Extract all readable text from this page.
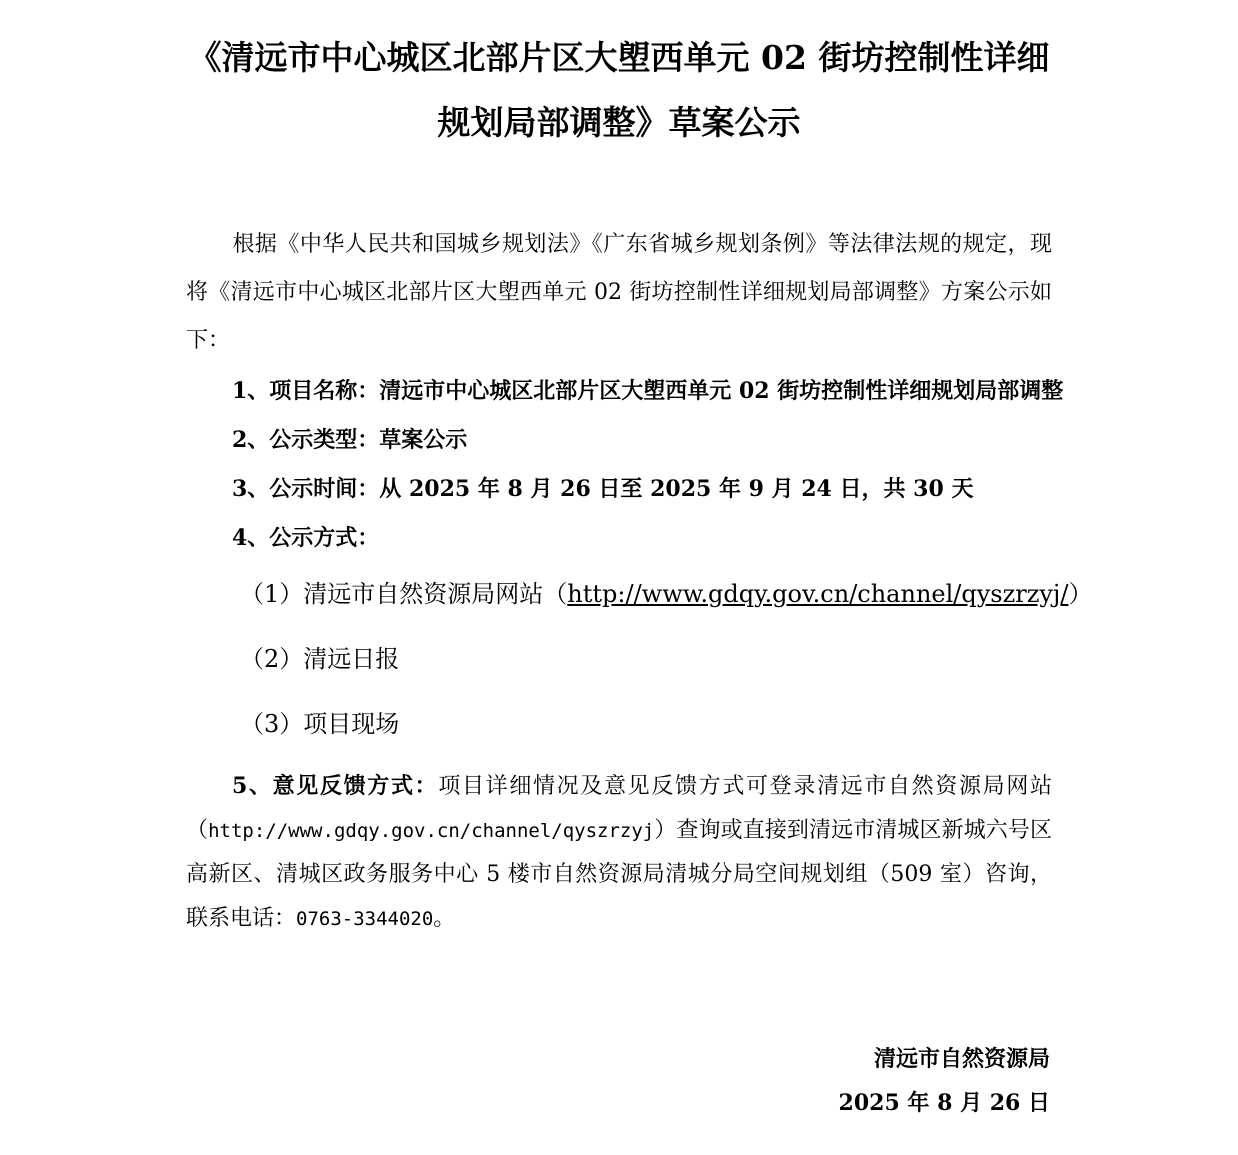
《清远市中心城区北部片区大塱西单元 02 街坊控制性详细
规划局部调整》草案公示
根据《中华人民共和国城乡规划法》《广东省城乡规划条例》等法律法规的规定，现将《清远市中心城区北部片区大塱西单元 02 街坊控制性详细规划局部调整》方案公示如下：
1、项目名称：清远市中心城区北部片区大塱西单元 02 街坊控制性详细规划局部调整
2、公示类型：草案公示
3、公示时间：从 2025 年 8 月 26 日至 2025 年 9 月 24 日，共 30 天
4、公示方式：
（1）清远市自然资源局网站（http://www.gdqy.gov.cn/channel/qyszrzyj/）
（2）清远日报
（3）项目现场
5、意见反馈方式：项目详细情况及意见反馈方式可登录清远市自然资源局网站（http://www.gdqy.gov.cn/channel/qyszrzyj）查询或直接到清远市清城区新城六号区高新区、清城区政务服务中心 5 楼市自然资源局清城分局空间规划组（509 室）咨询，联系电话：0763-3344020。
清远市自然资源局
2025 年 8 月 26 日
